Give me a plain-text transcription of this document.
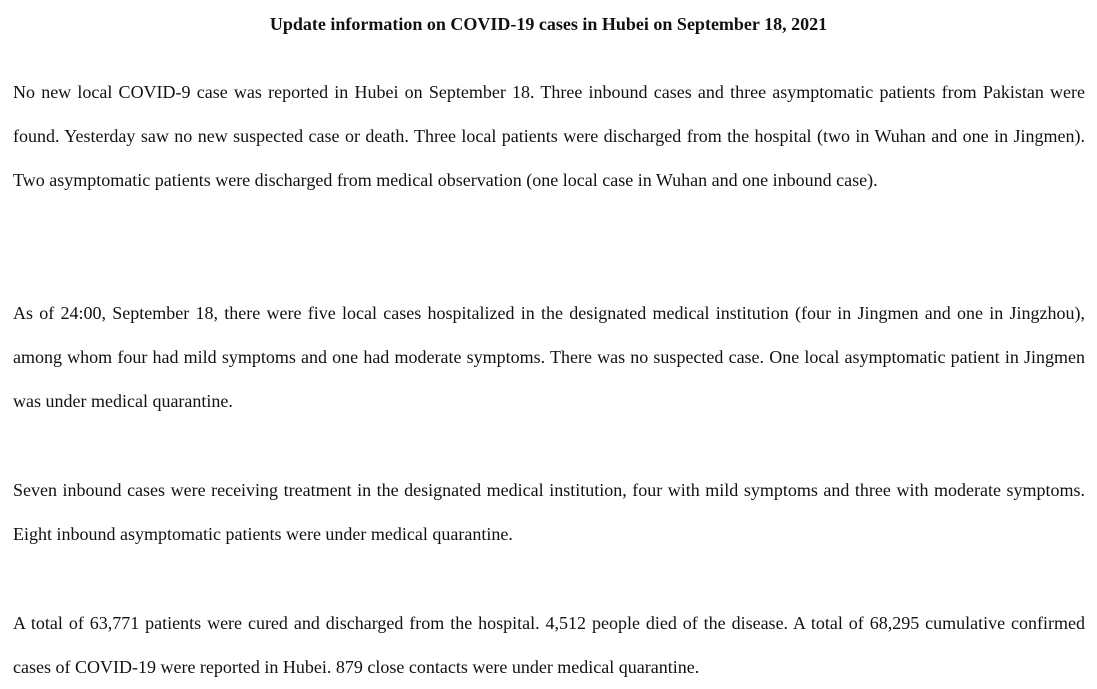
Update information on COVID-19 cases in Hubei on September 18, 2021

No new local COVID-9 case was reported in Hubei on September 18. Three inbound cases and three asymptomatic patients from Pakistan were found. Yesterday saw no new suspected case or death. Three local patients were discharged from the hospital (two in Wuhan and one in Jingmen). Two asymptomatic patients were discharged from medical observation (one local case in Wuhan and one inbound case).

As of 24:00, September 18, there were five local cases hospitalized in the designated medical institution (four in Jingmen and one in Jingzhou), among whom four had mild symptoms and one had moderate symptoms. There was no suspected case. One local asymptomatic patient in Jingmen was under medical quarantine.

Seven inbound cases were receiving treatment in the designated medical institution, four with mild symptoms and three with moderate symptoms. Eight inbound asymptomatic patients were under medical quarantine.

A total of 63,771 patients were cured and discharged from the hospital. 4,512 people died of the disease. A total of 68,295 cumulative confirmed cases of COVID-19 were reported in Hubei. 879 close contacts were under medical quarantine.
